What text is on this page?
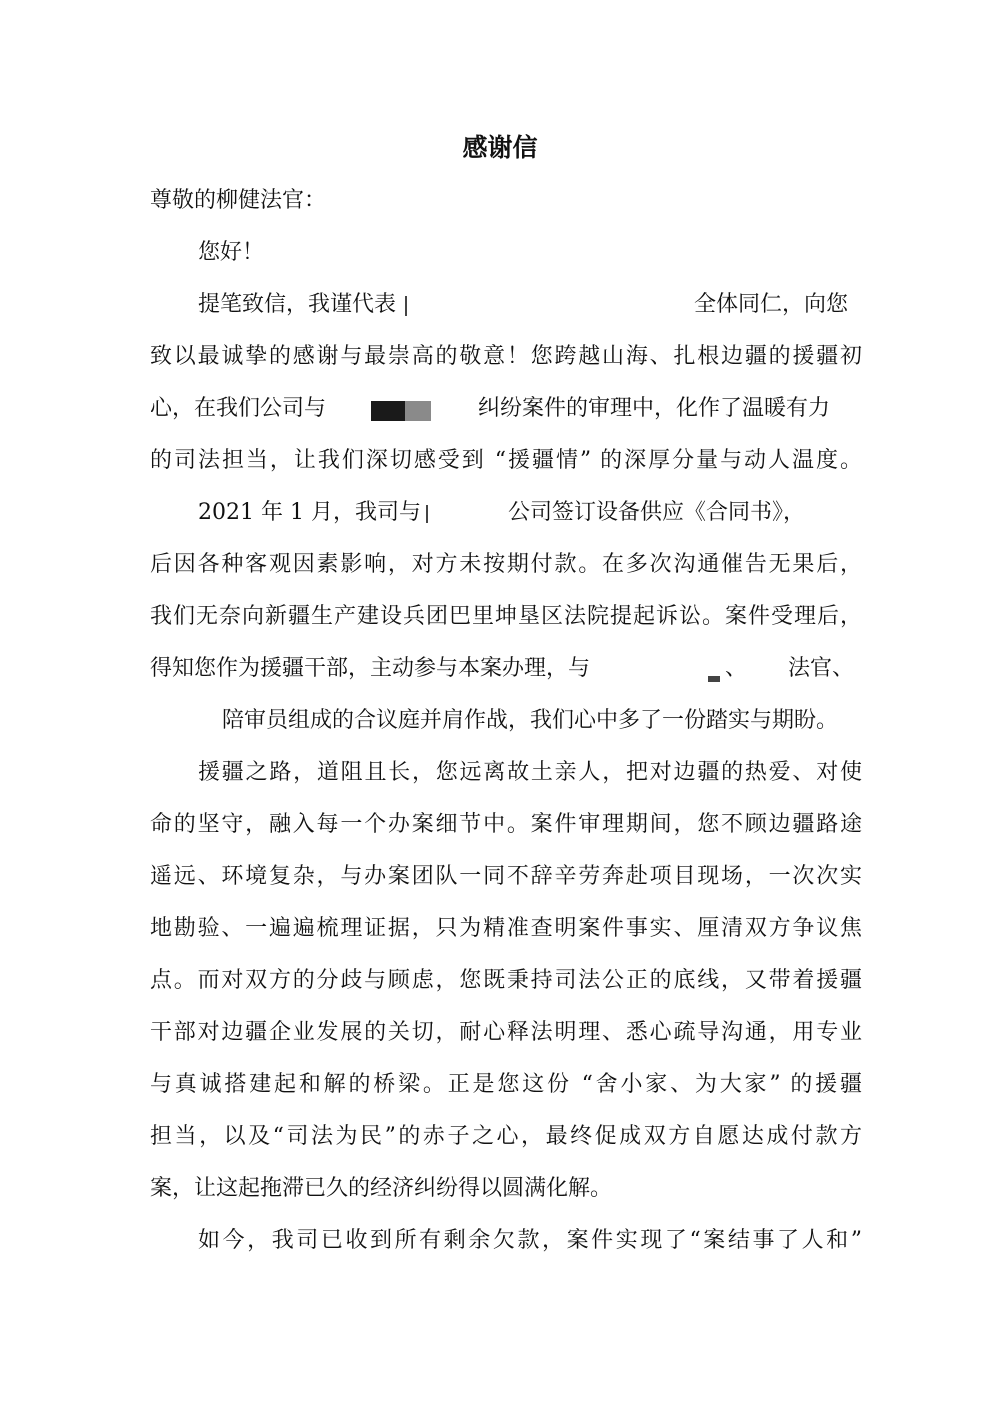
感谢信
尊敬的柳健法官：
您好！
提笔致信，我谨代表	全体同仁，向您
致以最诚挚的感谢与最崇高的敬意！您跨越山海、扎根边疆的援疆初
心，在我们公司与	纠纷案件的审理中，化作了温暖有力
的司法担当，让我们深切感受到 “援疆情” 的深厚分量与动人温度。
2021 年 1 月，我司与	公司签订设备供应《合同书》，
后因各种客观因素影响，对方未按期付款。在多次沟通催告无果后，
我们无奈向新疆生产建设兵团巴里坤垦区法院提起诉讼。案件受理后，
得知您作为援疆干部，主动参与本案办理，与	、 法官、
陪审员组成的合议庭并肩作战，我们心中多了一份踏实与期盼。
援疆之路，道阻且长，您远离故土亲人，把对边疆的热爱、对使
命的坚守，融入每一个办案细节中。案件审理期间，您不顾边疆路途
遥远、环境复杂，与办案团队一同不辞辛劳奔赴项目现场，一次次实
地勘验、一遍遍梳理证据，只为精准查明案件事实、厘清双方争议焦
点。而对双方的分歧与顾虑，您既秉持司法公正的底线，又带着援疆
干部对边疆企业发展的关切，耐心释法明理、悉心疏导沟通，用专业
与真诚搭建起和解的桥梁。正是您这份 “舍小家、为大家” 的援疆
担当，以及“司法为民”的赤子之心，最终促成双方自愿达成付款方
案，让这起拖滞已久的经济纠纷得以圆满化解。
如今，我司已收到所有剩余欠款，案件实现了“案结事了人和”
